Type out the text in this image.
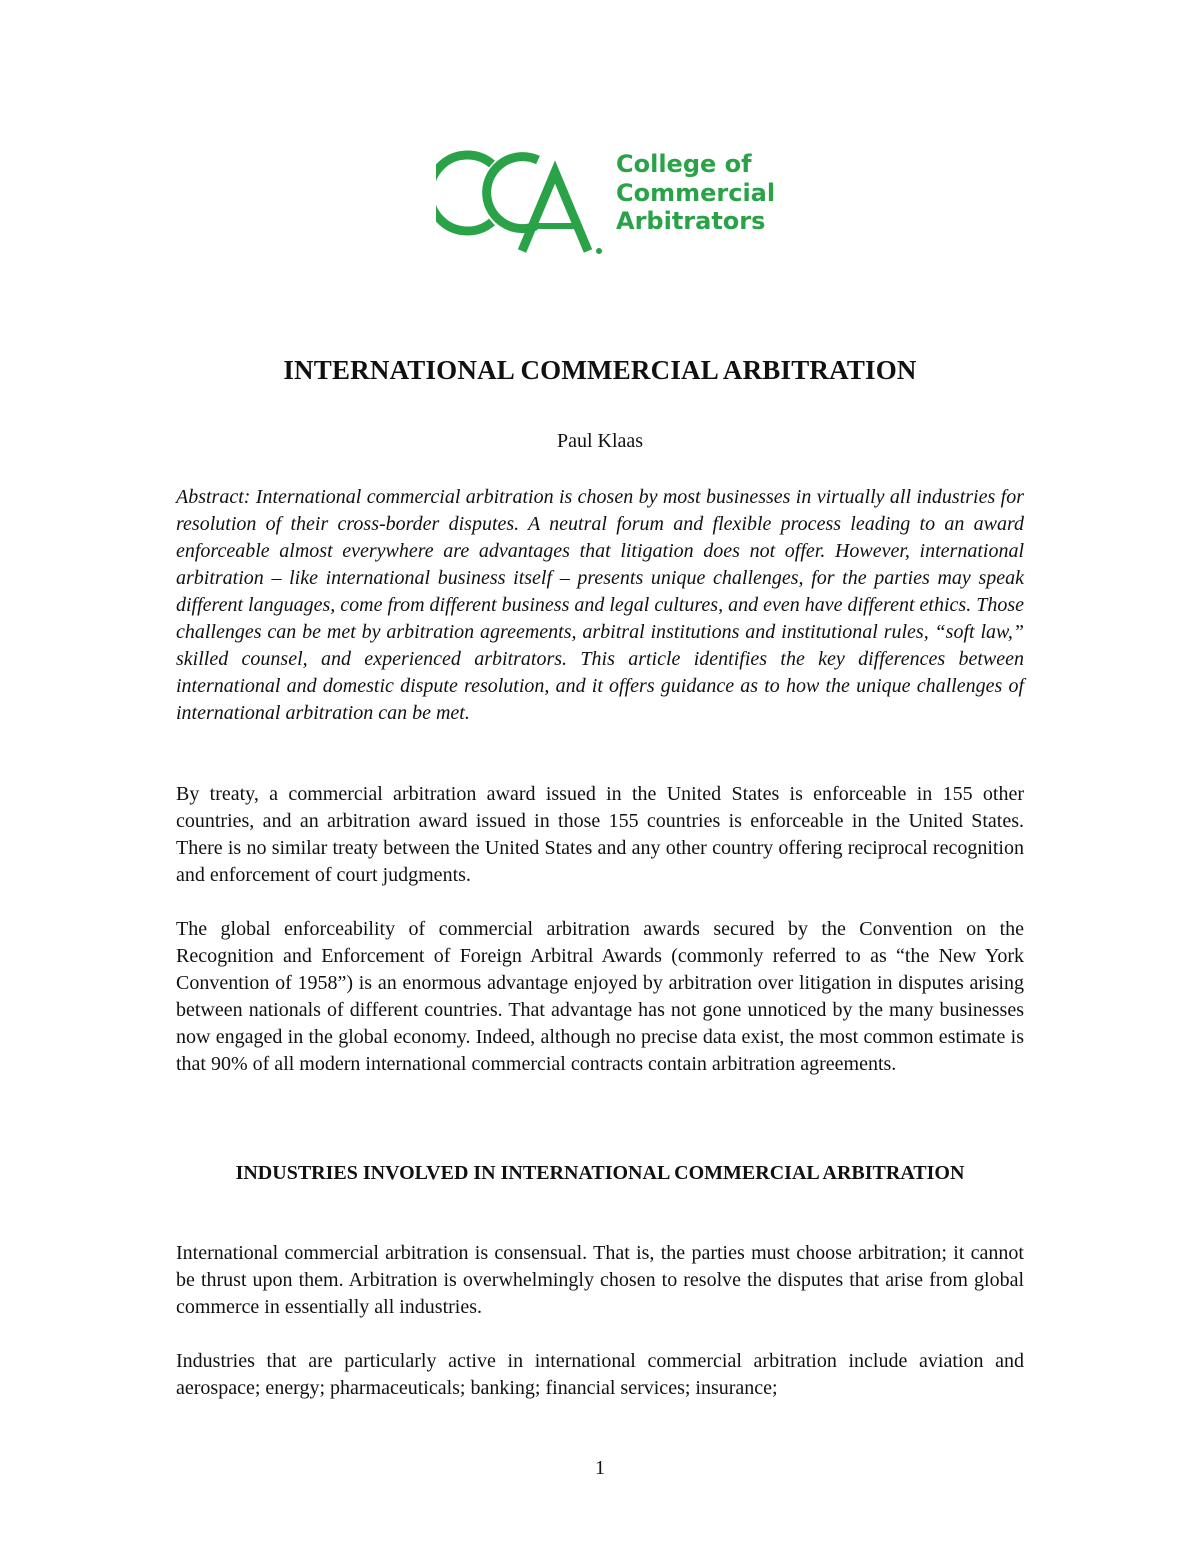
College of
Commercial
Arbitrators
INTERNATIONAL COMMERCIAL ARBITRATION

Paul Klaas

Abstract: International commercial arbitration is chosen by most businesses in virtually all industries for resolution of their cross-border disputes. A neutral forum and flexible process leading to an award enforceable almost everywhere are advantages that litigation does not offer. However, international arbitration – like international business itself – presents unique challenges, for the parties may speak different languages, come from different business and legal cultures, and even have different ethics. Those challenges can be met by arbitration agreements, arbitral institutions and institutional rules, “soft law,” skilled counsel, and experienced arbitrators. This article identifies the key differences between international and domestic dispute resolution, and it offers guidance as to how the unique challenges of international arbitration can be met.

By treaty, a commercial arbitration award issued in the United States is enforceable in 155 other countries, and an arbitration award issued in those 155 countries is enforceable in the United States. There is no similar treaty between the United States and any other country offering reciprocal recognition and enforcement of court judgments.

The global enforceability of commercial arbitration awards secured by the Convention on the Recognition and Enforcement of Foreign Arbitral Awards (commonly referred to as “the New York Convention of 1958”) is an enormous advantage enjoyed by arbitration over litigation in disputes arising between nationals of different countries. That advantage has not gone unnoticed by the many businesses now engaged in the global economy. Indeed, although no precise data exist, the most common estimate is that 90% of all modern international commercial contracts contain arbitration agreements.

INDUSTRIES INVOLVED IN INTERNATIONAL COMMERCIAL ARBITRATION

International commercial arbitration is consensual. That is, the parties must choose arbitration; it cannot be thrust upon them. Arbitration is overwhelmingly chosen to resolve the disputes that arise from global commerce in essentially all industries.

Industries that are particularly active in international commercial arbitration include aviation and aerospace; energy; pharmaceuticals; banking; financial services; insurance;

1
